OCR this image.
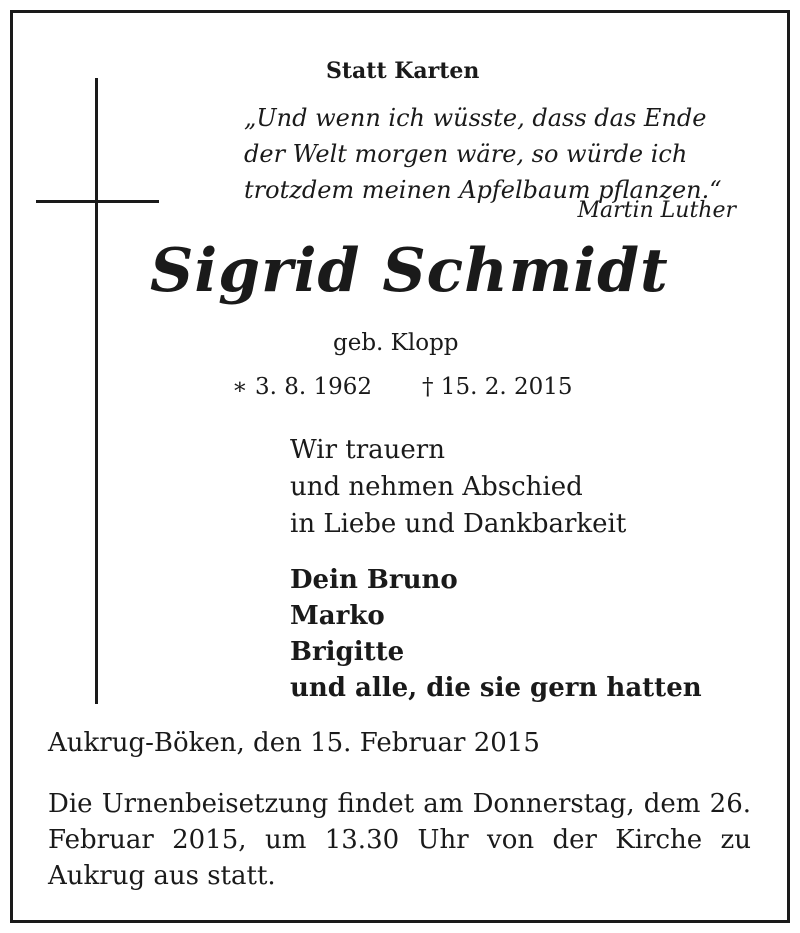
Statt Karten
„Und wenn ich wüsste, dass das Ende
der Welt morgen wäre, so würde ich
trotzdem meinen Apfelbaum pflanzen.“
Martin Luther
Sigrid Schmidt
geb. Klopp
∗ 3. 8. 1962 † 15. 2. 2015
Wir trauern
und nehmen Abschied
in Liebe und Dankbarkeit
Dein Bruno
Marko
Brigitte
und alle, die sie gern hatten
Aukrug-Böken, den 15. Februar 2015
Die Urnenbeisetzung findet am Donnerstag, dem 26. Februar 2015, um 13.30 Uhr von der Kirche zu Aukrug aus statt.
